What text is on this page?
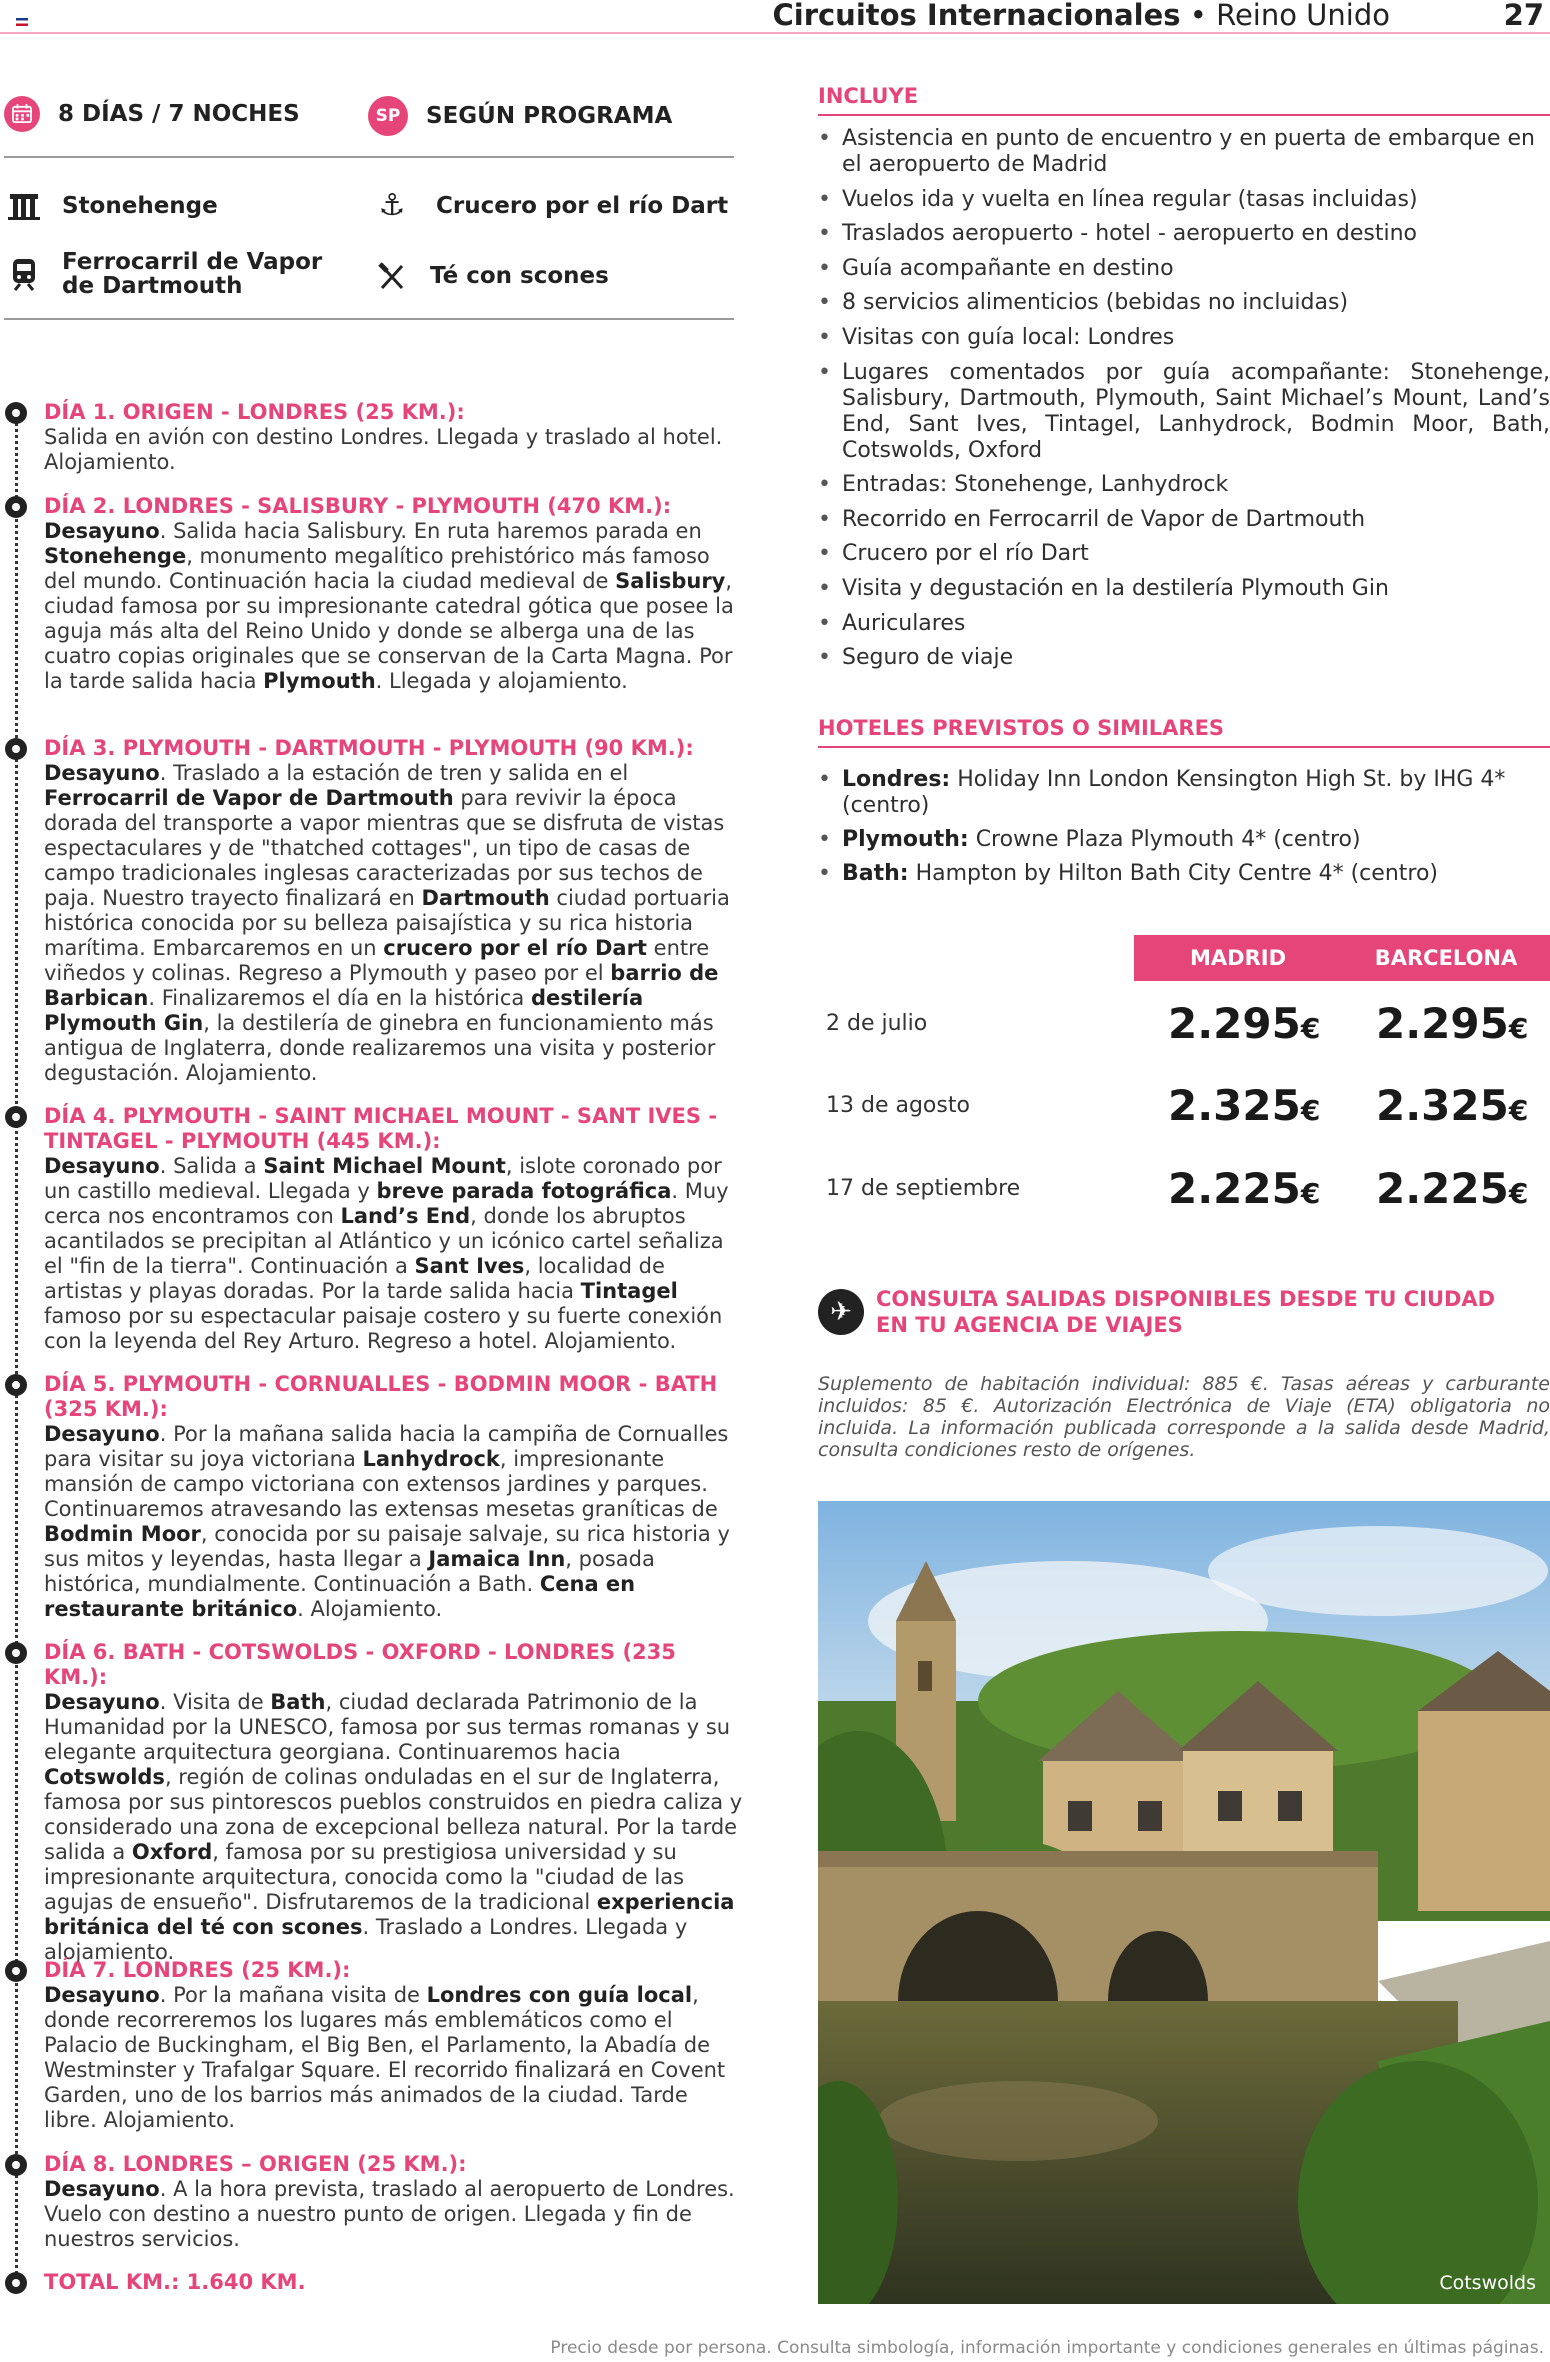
Circuitos Internacionales • Reino Unido	27
8 DÍAS / 7 NOCHES	SP	SEGÚN PROGRAMA
Stonehenge	⚓ Crucero por el río Dart
Ferrocarril de Vapor
de Dartmouth	Té con scones
DÍA 1. ORIGEN - LONDRES (25 KM.):

Salida en avión con destino Londres. Llegada y traslado al hotel. Alojamiento.

DÍA 2. LONDRES - SALISBURY - PLYMOUTH (470 KM.):

Desayuno. Salida hacia Salisbury. En ruta haremos parada en Stonehenge, monumento megalítico prehistórico más famoso del mundo. Continuación hacia la ciudad medieval de Salisbury, ciudad famosa por su impresionante catedral gótica que posee la aguja más alta del Reino Unido y donde se alberga una de las cuatro copias originales que se conservan de la Carta Magna. Por la tarde salida hacia Plymouth. Llegada y alojamiento.

DÍA 3. PLYMOUTH - DARTMOUTH - PLYMOUTH (90 KM.):

Desayuno. Traslado a la estación de tren y salida en el Ferrocarril de Vapor de Dartmouth para revivir la época dorada del transporte a vapor mientras que se disfruta de vistas espectaculares y de "thatched cottages", un tipo de casas de campo tradicionales inglesas caracterizadas por sus techos de paja. Nuestro trayecto finalizará en Dartmouth ciudad portuaria histórica conocida por su belleza paisajística y su rica historia marítima. Embarcaremos en un crucero por el río Dart entre viñedos y colinas. Regreso a Plymouth y paseo por el barrio de Barbican. Finalizaremos el día en la histórica destilería Plymouth Gin, la destilería de ginebra en funcionamiento más antigua de Inglaterra, donde realizaremos una visita y posterior degustación. Alojamiento.

DÍA 4. PLYMOUTH - SAINT MICHAEL MOUNT - SANT IVES -
TINTAGEL - PLYMOUTH (445 KM.):

Desayuno. Salida a Saint Michael Mount, islote coronado por un castillo medieval. Llegada y breve parada fotográfica. Muy cerca nos encontramos con Land’s End, donde los abruptos acantilados se precipitan al Atlántico y un icónico cartel señaliza el "fin de la tierra". Continuación a Sant Ives, localidad de artistas y playas doradas. Por la tarde salida hacia Tintagel famoso por su espectacular paisaje costero y su fuerte conexión con la leyenda del Rey Arturo. Regreso a hotel. Alojamiento.

DÍA 5. PLYMOUTH - CORNUALLES - BODMIN MOOR - BATH
(325 KM.):

Desayuno. Por la mañana salida hacia la campiña de Cornualles para visitar su joya victoriana Lanhydrock, impresionante mansión de campo victoriana con extensos jardines y parques. Continuaremos atravesando las extensas mesetas graníticas de Bodmin Moor, conocida por su paisaje salvaje, su rica historia y sus mitos y leyendas, hasta llegar a Jamaica Inn, posada histórica, mundialmente. Continuación a Bath. Cena en restaurante británico. Alojamiento.

DÍA 6. BATH - COTSWOLDS - OXFORD - LONDRES (235 KM.):

Desayuno. Visita de Bath, ciudad declarada Patrimonio de la Humanidad por la UNESCO, famosa por sus termas romanas y su elegante arquitectura georgiana. Continuaremos hacia Cotswolds, región de colinas onduladas en el sur de Inglaterra, famosa por sus pintorescos pueblos construidos en piedra caliza y considerado una zona de excepcional belleza natural. Por la tarde salida a Oxford, famosa por su prestigiosa universidad y su impresionante arquitectura, conocida como la "ciudad de las agujas de ensueño". Disfrutaremos de la tradicional experiencia británica del té con scones. Traslado a Londres. Llegada y alojamiento.

DÍA 7. LONDRES (25 KM.):

Desayuno. Por la mañana visita de Londres con guía local, donde recorreremos los lugares más emblemáticos como el Palacio de Buckingham, el Big Ben, el Parlamento, la Abadía de Westminster y Trafalgar Square. El recorrido finalizará en Covent Garden, uno de los barrios más animados de la ciudad. Tarde libre. Alojamiento.

DÍA 8. LONDRES – ORIGEN (25 KM.):

Desayuno. A la hora prevista, traslado al aeropuerto de Londres. Vuelo con destino a nuestro punto de origen. Llegada y fin de nuestros servicios.

TOTAL KM.: 1.640 KM.
INCLUYE
• Asistencia en punto de encuentro y en puerta de embarque en el aeropuerto de Madrid
• Vuelos ida y vuelta en línea regular (tasas incluidas)
• Traslados aeropuerto - hotel - aeropuerto en destino
• Guía acompañante en destino
• 8 servicios alimenticios (bebidas no incluidas)
• Visitas con guía local: Londres
• Lugares comentados por guía acompañante: Stonehenge, Salisbury, Dartmouth, Plymouth, Saint Michael’s Mount, Land’s End, Sant Ives, Tintagel, Lanhydrock, Bodmin Moor, Bath, Cotswolds, Oxford
• Entradas: Stonehenge, Lanhydrock
• Recorrido en Ferrocarril de Vapor de Dartmouth
• Crucero por el río Dart
• Visita y degustación en la destilería Plymouth Gin
• Auriculares
• Seguro de viaje
HOTELES PREVISTOS O SIMILARES
• Londres: Holiday Inn London Kensington High St. by IHG 4* (centro)
• Plymouth: Crowne Plaza Plymouth 4* (centro)
• Bath: Hampton by Hilton Bath City Centre 4* (centro)
MADRID	BARCELONA
2 de julio	2.295€ 2.295€
13 de agosto	2.325€ 2.325€
17 de septiembre	2.225€ 2.225€
✈	CONSULTA SALIDAS DISPONIBLES DESDE TU CIUDAD
EN TU AGENCIA DE VIAJES
Suplemento de habitación individual: 885 €. Tasas aéreas y carburante incluidos: 85 €. Autorización Electrónica de Viaje (ETA) obligatoria no incluida. La información publicada corresponde a la salida desde Madrid, consulta condiciones resto de orígenes.
Cotswolds
Precio desde por persona. Consulta simbología, información importante y condiciones generales en últimas páginas.
